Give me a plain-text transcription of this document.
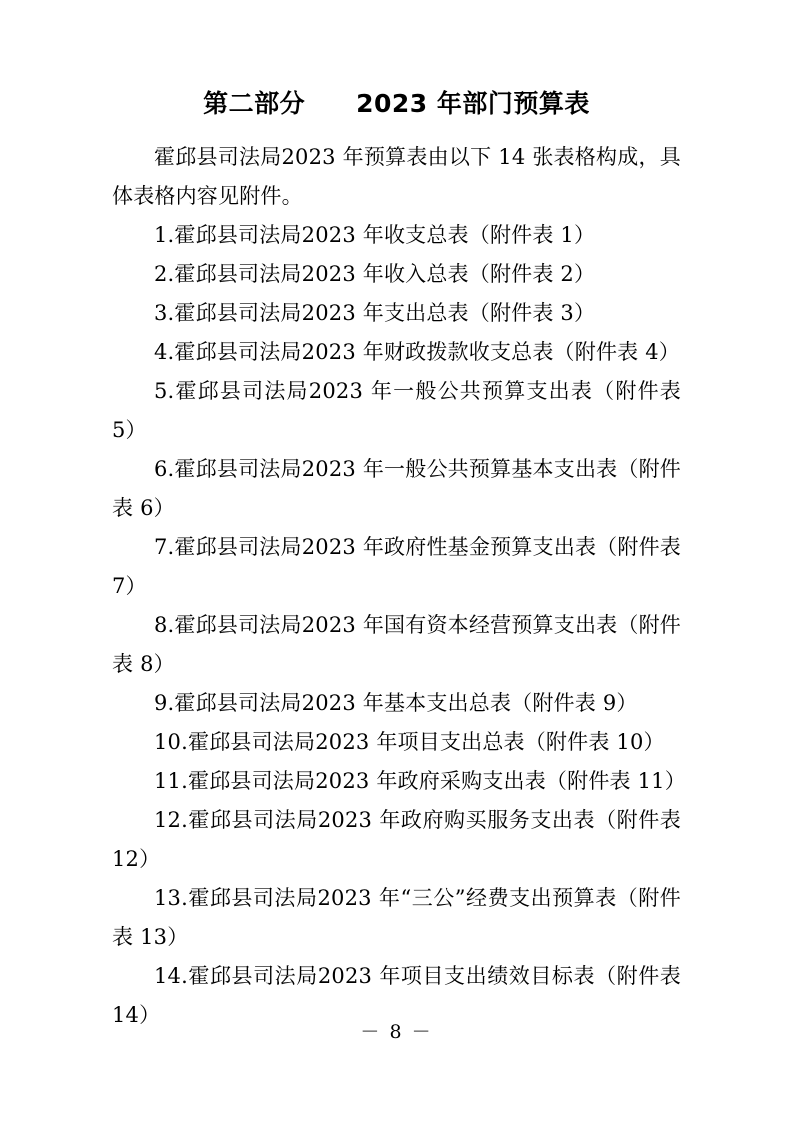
第二部分　　2023 年部门预算表

霍邱县司法局2023 年预算表由以下 14 张表格构成，具体表格内容见附件。

1.霍邱县司法局2023 年收支总表（附件表 1）
2.霍邱县司法局2023 年收入总表（附件表 2）
3.霍邱县司法局2023 年支出总表（附件表 3）
4.霍邱县司法局2023 年财政拨款收支总表（附件表 4）
5.霍邱县司法局2023 年一般公共预算支出表（附件表 5）
6.霍邱县司法局2023 年一般公共预算基本支出表（附件表 6）
7.霍邱县司法局2023 年政府性基金预算支出表（附件表 7）
8.霍邱县司法局2023 年国有资本经营预算支出表（附件表 8）
9.霍邱县司法局2023 年基本支出总表（附件表 9）
10.霍邱县司法局2023 年项目支出总表（附件表 10）
11.霍邱县司法局2023 年政府采购支出表（附件表 11）
12.霍邱县司法局2023 年政府购买服务支出表（附件表 12）
13.霍邱县司法局2023 年“三公”经费支出预算表（附件表 13）
14.霍邱县司法局2023 年项目支出绩效目标表（附件表 14）
－ 8 －
